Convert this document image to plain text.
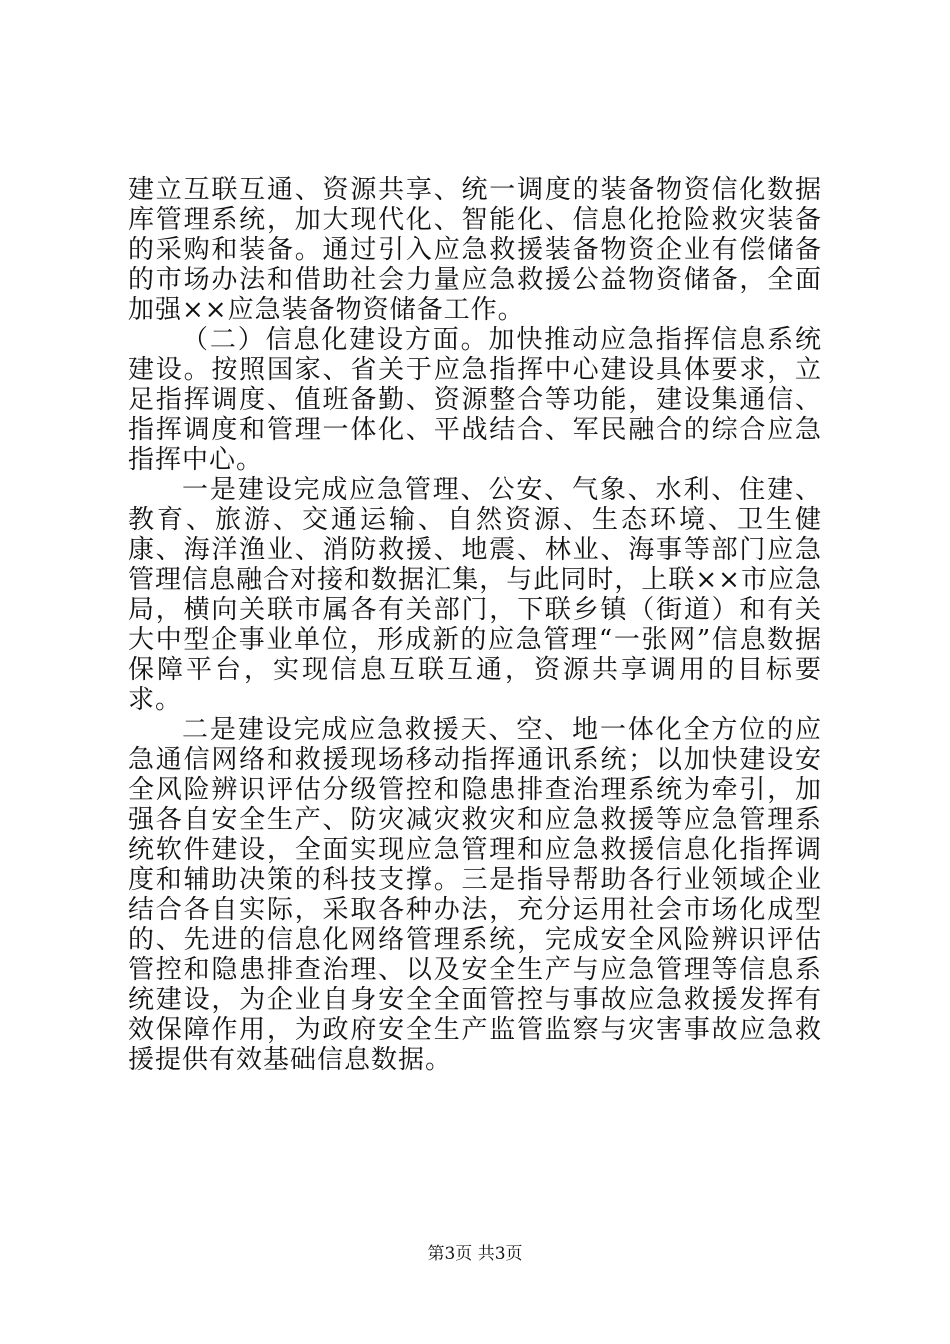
建立互联互通、资源共享、统一调度的装备物资信化数据库管理系统，加大现代化、智能化、信息化抢险救灾装备的采购和装备。通过引入应急救援装备物资企业有偿储备的市场办法和借助社会力量应急救援公益物资储备，全面加强××应急装备物资储备工作。

（二）信息化建设方面。加快推动应急指挥信息系统建设。按照国家、省关于应急指挥中心建设具体要求，立足指挥调度、值班备勤、资源整合等功能，建设集通信、指挥调度和管理一体化、平战结合、军民融合的综合应急指挥中心。

一是建设完成应急管理、公安、气象、水利、住建、教育、旅游、交通运输、自然资源、生态环境、卫生健康、海洋渔业、消防救援、地震、林业、海事等部门应急管理信息融合对接和数据汇集，与此同时，上联××市应急局，横向关联市属各有关部门，下联乡镇（街道）和有关大中型企事业单位，形成新的应急管理“一张网”信息数据保障平台，实现信息互联互通，资源共享调用的目标要求。

二是建设完成应急救援天、空、地一体化全方位的应急通信网络和救援现场移动指挥通讯系统；以加快建设安全风险辨识评估分级管控和隐患排查治理系统为牵引，加强各自安全生产、防灾减灾救灾和应急救援等应急管理系统软件建设，全面实现应急管理和应急救援信息化指挥调度和辅助决策的科技支撑。三是指导帮助各行业领域企业结合各自实际，采取各种办法，充分运用社会市场化成型的、先进的信息化网络管理系统，完成安全风险辨识评估管控和隐患排查治理、以及安全生产与应急管理等信息系统建设，为企业自身安全全面管控与事故应急救援发挥有效保障作用，为政府安全生产监管监察与灾害事故应急救援提供有效基础信息数据。

第3页 共3页
